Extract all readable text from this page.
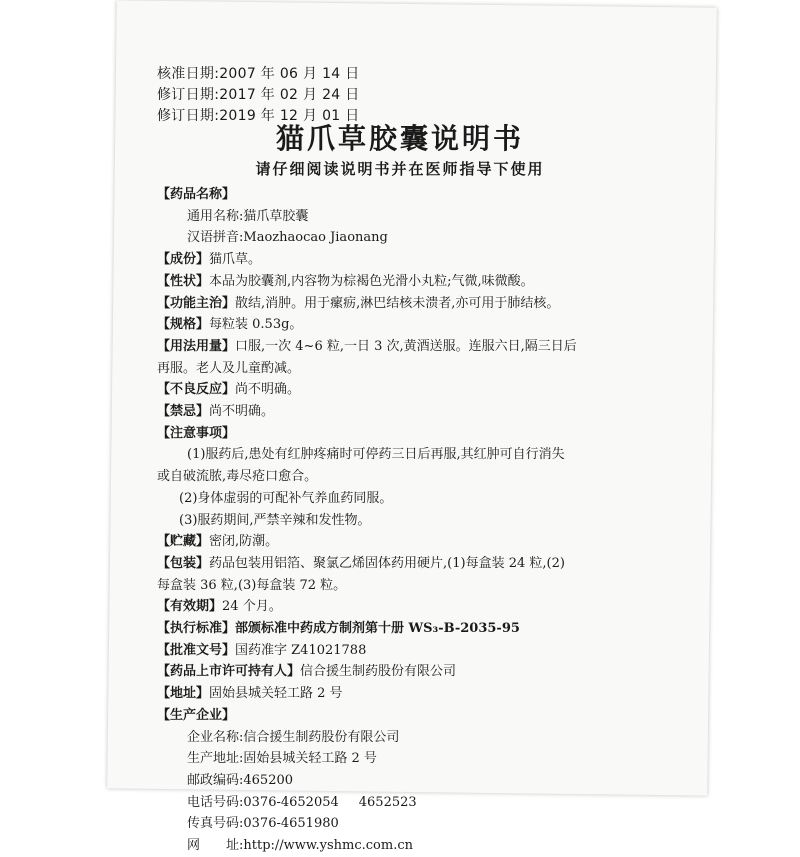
核准日期:2007 年 06 月 14 日
修订日期:2017 年 02 月 24 日
修订日期:2019 年 12 月 01 日
猫爪草胶囊说明书
请仔细阅读说明书并在医师指导下使用
【药品名称】
通用名称:猫爪草胶囊
汉语拼音:Maozhaocao Jiaonang
【成份】猫爪草。
【性状】本品为胶囊剂,内容物为棕褐色光滑小丸粒;气微,味微酸。
【功能主治】散结,消肿。用于瘰疬,淋巴结核未溃者,亦可用于肺结核。
【规格】每粒装 0.53g。
【用法用量】口服,一次 4~6 粒,一日 3 次,黄酒送服。连服六日,隔三日后
再服。老人及儿童酌减。
【不良反应】尚不明确。
【禁忌】尚不明确。
【注意事项】
(1)服药后,患处有红肿疼痛时可停药三日后再服,其红肿可自行消失
或自破流脓,毒尽疮口愈合。
(2)身体虚弱的可配补气养血药同服。
(3)服药期间,严禁辛辣和发性物。
【贮藏】密闭,防潮。
【包装】药品包装用铝箔、聚氯乙烯固体药用硬片,(1)每盒装 24 粒,(2)
每盒装 36 粒,(3)每盒装 72 粒。
【有效期】24 个月。
【执行标准】部颁标准中药成方制剂第十册 WS₃-B-2035-95
【批准文号】国药准字 Z41021788
【药品上市许可持有人】信合援生制药股份有限公司
【地址】固始县城关轻工路 2 号
【生产企业】
企业名称:信合援生制药股份有限公司
生产地址:固始县城关轻工路 2 号
邮政编码:465200
电话号码:0376-4652054 4652523
传真号码:0376-4651980
网　　址:http://www.yshmc.com.cn
